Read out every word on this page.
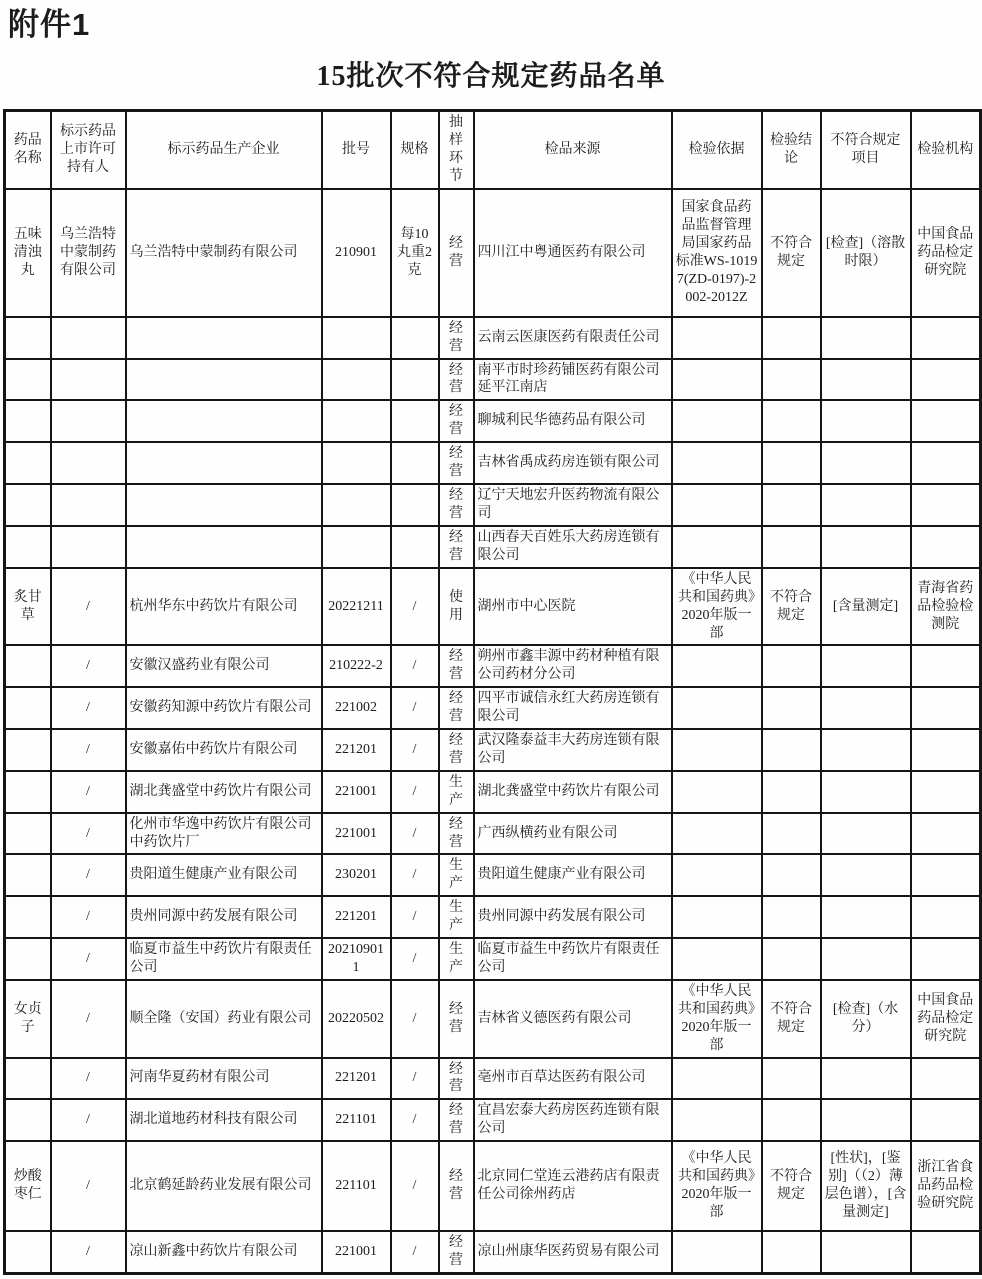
附件1
15批次不符合规定药品名单
药品名称	标示药品上市许可持有人	标示药品生产企业	批号	规格	抽样环节	检品来源	检验依据	检验结论	不符合规定项目	检验机构
五味清浊丸	乌兰浩特中蒙制药有限公司	乌兰浩特中蒙制药有限公司	210901	每10丸重2克	经营	四川江中粤通医药有限公司	国家食品药品监督管理局国家药品标准WS-10197(ZD-0197)-2002-2012Z	不符合规定	[检查]（溶散时限）	中国食品药品检定研究院
					经营	云南云医康医药有限责任公司				
					经营	南平市时珍药铺医药有限公司延平江南店				
					经营	聊城利民华德药品有限公司				
					经营	吉林省禹成药房连锁有限公司				
					经营	辽宁天地宏升医药物流有限公司				
					经营	山西春天百姓乐大药房连锁有限公司				
炙甘草	/	杭州华东中药饮片有限公司	20221211	/	使用	湖州市中心医院	《中华人民共和国药典》2020年版一部	不符合规定	[含量测定]	青海省药品检验检测院
	/	安徽汉盛药业有限公司	210222-2	/	经营	朔州市鑫丰源中药材种植有限公司药材分公司				
	/	安徽药知源中药饮片有限公司	221002	/	经营	四平市诚信永红大药房连锁有限公司				
	/	安徽嘉佑中药饮片有限公司	221201	/	经营	武汉隆泰益丰大药房连锁有限公司				
	/	湖北龚盛堂中药饮片有限公司	221001	/	生产	湖北龚盛堂中药饮片有限公司				
	/	化州市华逸中药饮片有限公司中药饮片厂	221001	/	经营	广西纵横药业有限公司				
	/	贵阳道生健康产业有限公司	230201	/	生产	贵阳道生健康产业有限公司				
	/	贵州同源中药发展有限公司	221201	/	生产	贵州同源中药发展有限公司				
	/	临夏市益生中药饮片有限责任公司	202109011	/	生产	临夏市益生中药饮片有限责任公司				
女贞子	/	顺全隆（安国）药业有限公司	20220502	/	经营	吉林省义德医药有限公司	《中华人民共和国药典》2020年版一部	不符合规定	[检查]（水分）	中国食品药品检定研究院
	/	河南华夏药材有限公司	221201	/	经营	亳州市百草达医药有限公司				
	/	湖北道地药材科技有限公司	221101	/	经营	宜昌宏泰大药房医药连锁有限公司				
炒酸枣仁	/	北京鹤延龄药业发展有限公司	221101	/	经营	北京同仁堂连云港药店有限责任公司徐州药店	《中华人民共和国药典》2020年版一部	不符合规定	[性状]，[鉴别]（（2）薄层色谱），[含量测定]	浙江省食品药品检验研究院
	/	凉山新鑫中药饮片有限公司	221001	/	经营	凉山州康华医药贸易有限公司				
